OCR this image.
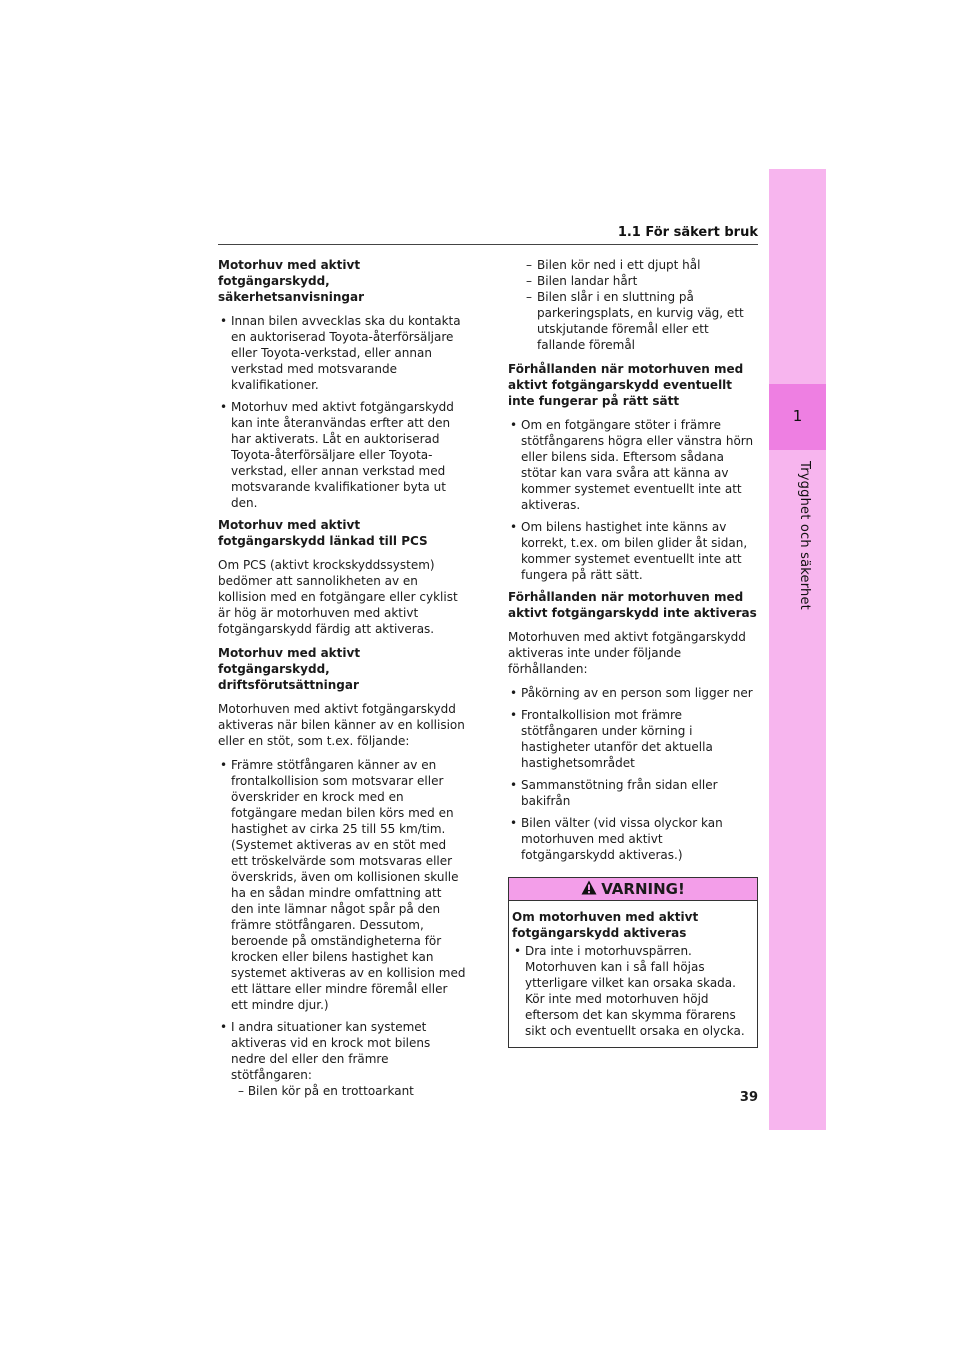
1
Trygghet och säkerhet
1.1 För säkert bruk
Motorhuv med aktivt fotgängarskydd, säkerhetsanvisningar
• Innan bilen avvecklas ska du kontakta en auktoriserad Toyota-återförsäljare eller Toyota-verkstad, eller annan verkstad med motsvarande kvalifikationer.
• Motorhuv med aktivt fotgängarskydd kan inte återanvändas erfter att den har aktiverats. Låt en auktoriserad Toyota-återförsäljare eller Toyota-verkstad, eller annan verkstad med motsvarande kvalifikationer byta ut den.
Motorhuv med aktivt fotgängarskydd länkad till PCS
Om PCS (aktivt krockskyddssystem) bedömer att sannolikheten av en kollision med en fotgängare eller cyklist är hög är motorhuven med aktivt fotgängarskydd färdig att aktiveras.
Motorhuv med aktivt fotgängarskydd, driftsförutsättningar
Motorhuven med aktivt fotgängarskydd aktiveras när bilen känner av en kollision eller en stöt, som t.ex. följande:
• Främre stötfångaren känner av en frontalkollision som motsvarar eller överskrider en krock med en fotgängare medan bilen körs med en hastighet av cirka 25 till 55 km/tim. (Systemet aktiveras av en stöt med ett tröskelvärde som motsvaras eller överskrids, även om kollisionen skulle ha en sådan mindre omfattning att den inte lämnar något spår på den främre stötfångaren. Dessutom, beroende på omständigheterna för krocken eller bilens hastighet kan systemet aktiveras av en kollision med ett lättare eller mindre föremål eller ett mindre djur.)
• I andra situationer kan systemet aktiveras vid en krock mot bilens nedre del eller den främre stötfångaren:
– Bilen kör på en trottoarkant
– Bilen kör ned i ett djupt hål
– Bilen landar hårt
– Bilen slår i en sluttning på parkeringsplats, en kurvig väg, ett utskjutande föremål eller ett fallande föremål
Förhållanden när motorhuven med aktivt fotgängarskydd eventuellt inte fungerar på rätt sätt
• Om en fotgängare stöter i främre stötfångarens högra eller vänstra hörn eller bilens sida. Eftersom sådana stötar kan vara svåra att känna av kommer systemet eventuellt inte att aktiveras.
• Om bilens hastighet inte känns av korrekt, t.ex. om bilen glider åt sidan, kommer systemet eventuellt inte att fungera på rätt sätt.
Förhållanden när motorhuven med aktivt fotgängarskydd inte aktiveras
Motorhuven med aktivt fotgängarskydd aktiveras inte under följande förhållanden:
• Påkörning av en person som ligger ner
• Frontalkollision mot främre stötfångaren under körning i hastigheter utanför det aktuella hastighetsområdet
• Sammanstötning från sidan eller bakifrån
• Bilen välter (vid vissa olyckor kan motorhuven med aktivt fotgängarskydd aktiveras.)
VARNING!
Om motorhuven med aktivt fotgängarskydd aktiveras
• Dra inte i motorhuvspärren. Motorhuven kan i så fall höjas ytterligare vilket kan orsaka skada. Kör inte med motorhuven höjd eftersom det kan skymma förarens sikt och eventuellt orsaka en olycka.
39
